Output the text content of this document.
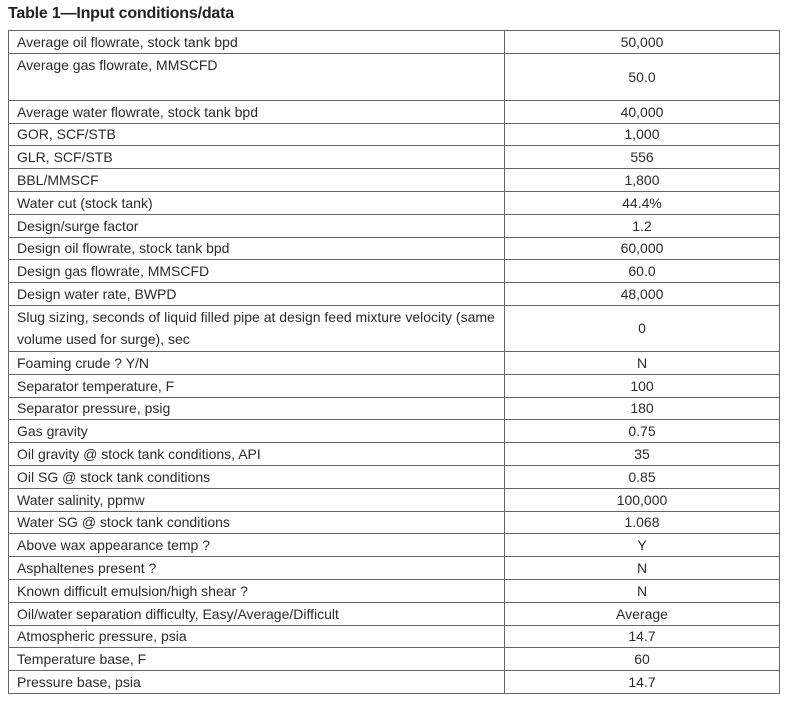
Table 1—Input conditions/data
Average oil flowrate, stock tank bpd	50,000
Average gas flowrate, MMSCFD	50.0
Average water flowrate, stock tank bpd	40,000
GOR, SCF/STB	1,000
GLR, SCF/STB	556
BBL/MMSCF	1,800
Water cut (stock tank)	44.4%
Design/surge factor	1.2
Design oil flowrate, stock tank bpd	60,000
Design gas flowrate, MMSCFD	60.0
Design water rate, BWPD	48,000
Slug sizing, seconds of liquid filled pipe at design feed mixture velocity (same volume used for surge), sec	0
Foaming crude ? Y/N	N
Separator temperature, F	100
Separator pressure, psig	180
Gas gravity	0.75
Oil gravity @ stock tank conditions, API	35
Oil SG @ stock tank conditions	0.85
Water salinity, ppmw	100,000
Water SG @ stock tank conditions	1.068
Above wax appearance temp ?	Y
Asphaltenes present ?	N
Known difficult emulsion/high shear ?	N
Oil/water separation difficulty, Easy/Average/Difficult	Average
Atmospheric pressure, psia	14.7
Temperature base, F	60
Pressure base, psia	14.7
